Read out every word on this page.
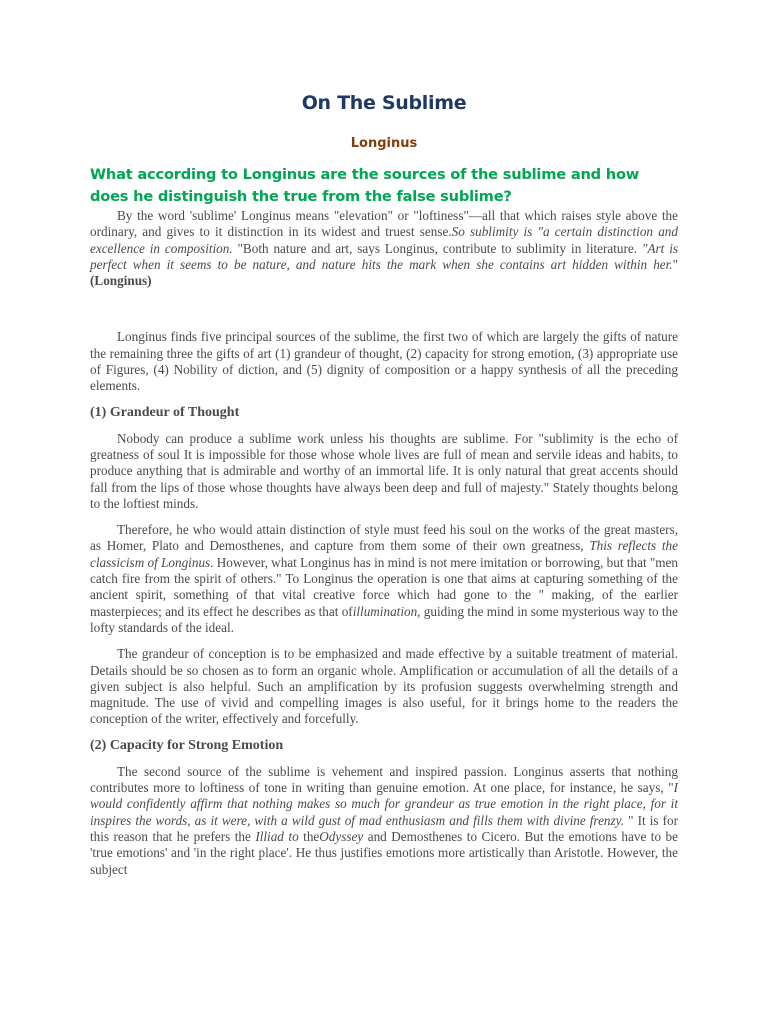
On The Sublime
Longinus
What according to Longinus are the sources of the sublime and how does he distinguish the true from the false sublime?

By the word 'sublime' Longinus means "elevation" or "loftiness"—all that which raises style above the ordinary, and gives to it distinction in its widest and truest sense.So sublimity is "a certain distinction and excellence in composition. "Both nature and art, says Longinus, contribute to sublimity in literature. "Art is perfect when it seems to be nature, and nature hits the mark when she contains art hidden within her." (Longinus)

Longinus finds five principal sources of the sublime, the first two of which are largely the gifts of nature the remaining three the gifts of art (1) grandeur of thought, (2) capacity for strong emotion, (3) appropriate use of Figures, (4) Nobility of diction, and (5) dignity of composition or a happy synthesis of all the preceding elements.

(1) Grandeur of Thought

Nobody can produce a sublime work unless his thoughts are sublime. For "sublimity is the echo of greatness of soul It is impossible for those whose whole lives are full of mean and servile ideas and habits, to produce anything that is admirable and worthy of an immortal life. It is only natural that great accents should fall from the lips of those whose thoughts have always been deep and full of majesty." Stately thoughts belong to the loftiest minds.

Therefore, he who would attain distinction of style must feed his soul on the works of the great masters, as Homer, Plato and Demosthenes, and capture from them some of their own greatness, This reflects the classicism of Longinus. However, what Longinus has in mind is not mere imitation or borrowing, but that "men catch fire from the spirit of others." To Longinus the operation is one that aims at capturing something of the ancient spirit, something of that vital creative force which had gone to the " making, of the earlier masterpieces; and its effect he describes as that ofillumination, guiding the mind in some mysterious way to the lofty standards of the ideal.

The grandeur of conception is to be emphasized and made effective by a suitable treatment of material. Details should be so chosen as to form an organic whole. Amplification or accumulation of all the details of a given subject is also helpful. Such an amplification by its profusion suggests overwhelming strength and magnitude. The use of vivid and compelling images is also useful, for it brings home to the readers the conception of the writer, effectively and forcefully.

(2) Capacity for Strong Emotion

The second source of the sublime is vehement and inspired passion. Longinus asserts that nothing contributes more to loftiness of tone in writing than genuine emotion. At one place, for instance, he says, "I would confidently affirm that nothing makes so much for grandeur as true emotion in the right place, for it inspires the words, as it were, with a wild gust of mad enthusiasm and fills them with divine frenzy. " It is for this reason that he prefers the Illiad to theOdyssey and Demosthenes to Cicero. But the emotions have to be 'true emotions' and 'in the right place'. He thus justifies emotions more artistically than Aristotle. However, the subject
